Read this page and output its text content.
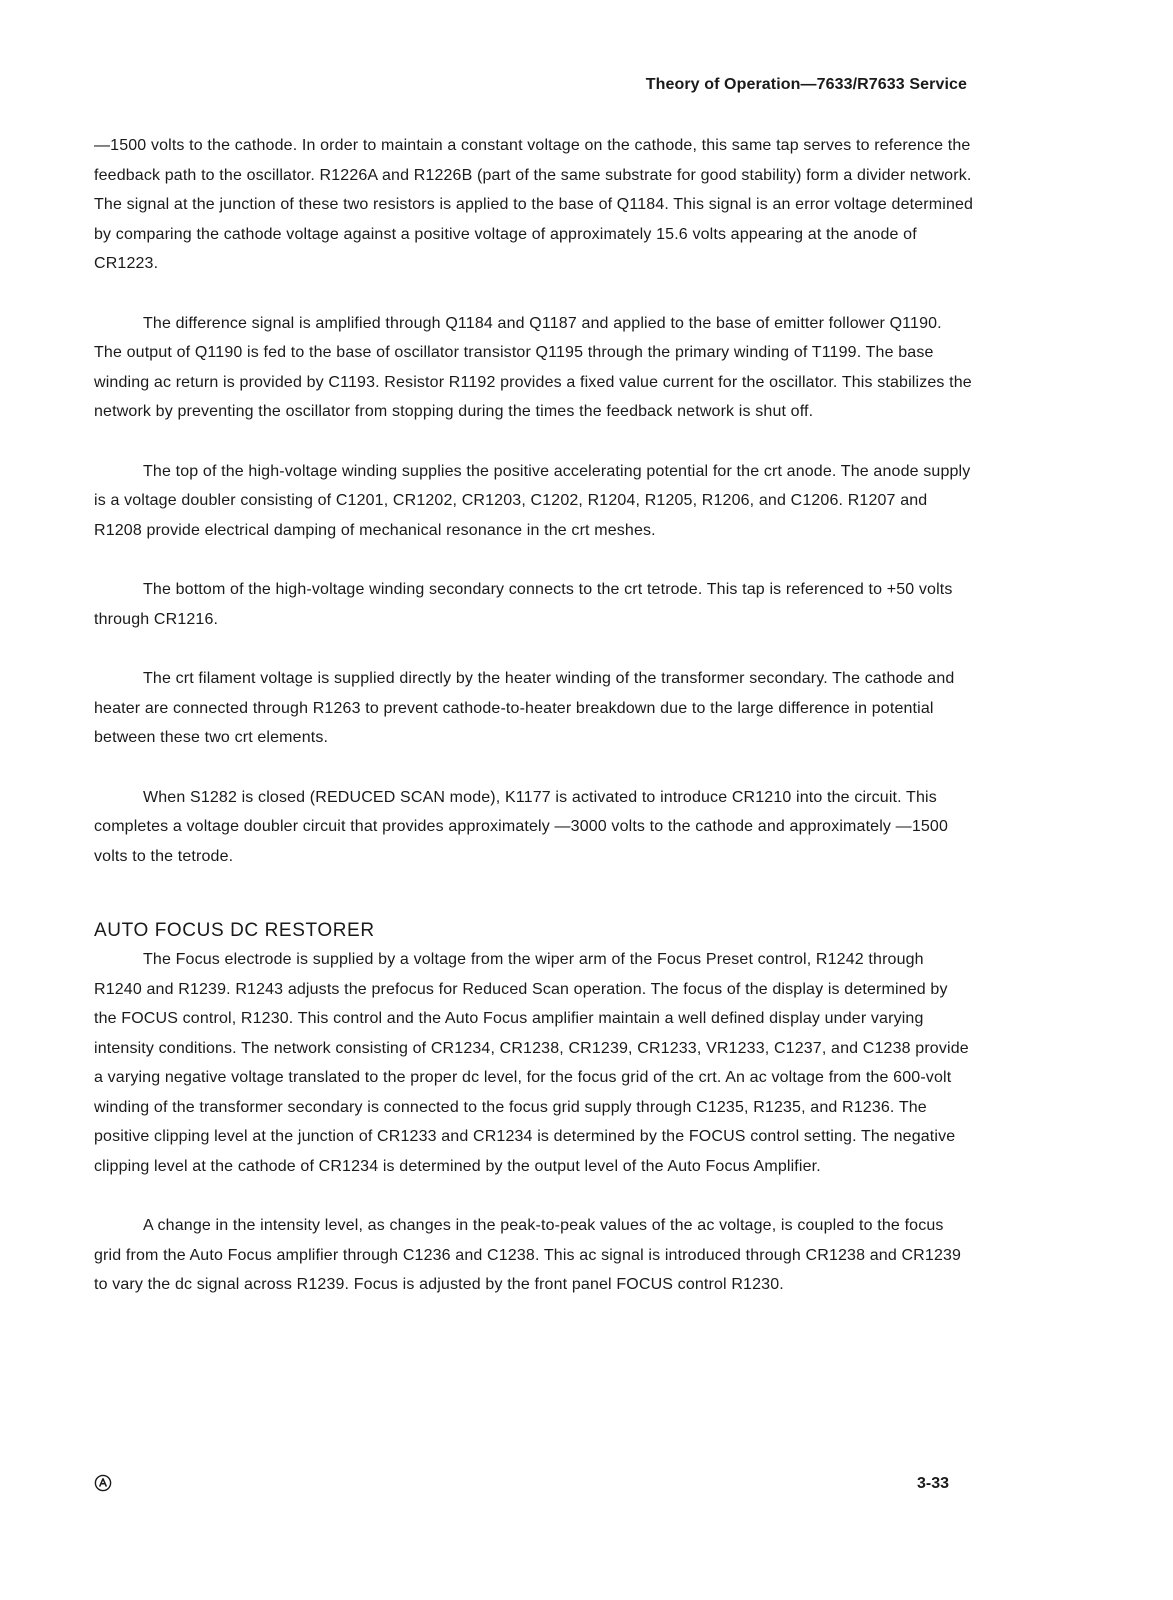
Theory of Operation—7633/R7633 Service

—1500 volts to the cathode. In order to maintain a constant voltage on the cathode, this same tap serves to reference the feedback path to the oscillator. R1226A and R1226B (part of the same substrate for good stability) form a divider network. The signal at the junction of these two resistors is applied to the base of Q1184. This signal is an error voltage determined by comparing the cathode voltage against a positive voltage of approximately 15.6 volts appearing at the anode of CR1223.

The difference signal is amplified through Q1184 and Q1187 and applied to the base of emitter follower Q1190. The output of Q1190 is fed to the base of oscillator transistor Q1195 through the primary winding of T1199. The base winding ac return is provided by C1193. Resistor R1192 provides a fixed value current for the oscillator. This stabilizes the network by preventing the oscillator from stopping during the times the feedback network is shut off.

The top of the high-voltage winding supplies the positive accelerating potential for the crt anode. The anode supply is a voltage doubler consisting of C1201, CR1202, CR1203, C1202, R1204, R1205, R1206, and C1206. R1207 and R1208 provide electrical damping of mechanical resonance in the crt meshes.

The bottom of the high-voltage winding secondary connects to the crt tetrode. This tap is referenced to +50 volts through CR1216.

The crt filament voltage is supplied directly by the heater winding of the transformer secondary. The cathode and heater are connected through R1263 to prevent cathode-to-heater breakdown due to the large difference in potential between these two crt elements.

When S1282 is closed (REDUCED SCAN mode), K1177 is activated to introduce CR1210 into the circuit. This completes a voltage doubler circuit that provides approximately —3000 volts to the cathode and approximately —1500 volts to the tetrode.

AUTO FOCUS DC RESTORER

The Focus electrode is supplied by a voltage from the wiper arm of the Focus Preset control, R1242 through R1240 and R1239. R1243 adjusts the prefocus for Reduced Scan operation. The focus of the display is determined by the FOCUS control, R1230. This control and the Auto Focus amplifier maintain a well defined display under varying intensity conditions. The network consisting of CR1234, CR1238, CR1239, CR1233, VR1233, C1237, and C1238 provide a varying negative voltage translated to the proper dc level, for the focus grid of the crt. An ac voltage from the 600-volt winding of the transformer secondary is connected to the focus grid supply through C1235, R1235, and R1236. The positive clipping level at the junction of CR1233 and CR1234 is determined by the FOCUS control setting. The negative clipping level at the cathode of CR1234 is determined by the output level of the Auto Focus Amplifier.

A change in the intensity level, as changes in the peak-to-peak values of the ac voltage, is coupled to the focus grid from the Auto Focus amplifier through C1236 and C1238. This ac signal is introduced through CR1238 and CR1239 to vary the dc signal across R1239. Focus is adjusted by the front panel FOCUS control R1230.

3-33
